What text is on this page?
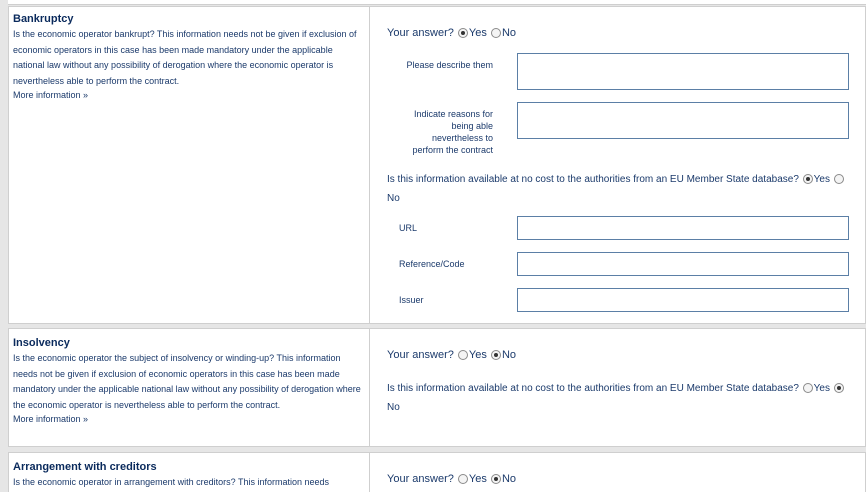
Bankruptcy

Is the economic operator bankrupt? This information needs not be given if exclusion of economic operators in this case has been made mandatory under the applicable national law without any possibility of derogation where the economic operator is nevertheless able to perform the contract.

More information »
Your answer? Yes No
Please describe them
Indicate reasons for being able nevertheless to perform the contract
Is this information available at no cost to the authorities from an EU Member State database? Yes No
URL
Reference/Code
Issuer
Insolvency

Is the economic operator the subject of insolvency or winding-up? This information needs not be given if exclusion of economic operators in this case has been made mandatory under the applicable national law without any possibility of derogation where the economic operator is nevertheless able to perform the contract.

More information »
Your answer? Yes No
Is this information available at no cost to the authorities from an EU Member State database? Yes No
Arrangement with creditors

Is the economic operator in arrangement with creditors? This information needs	Your answer? Yes No
